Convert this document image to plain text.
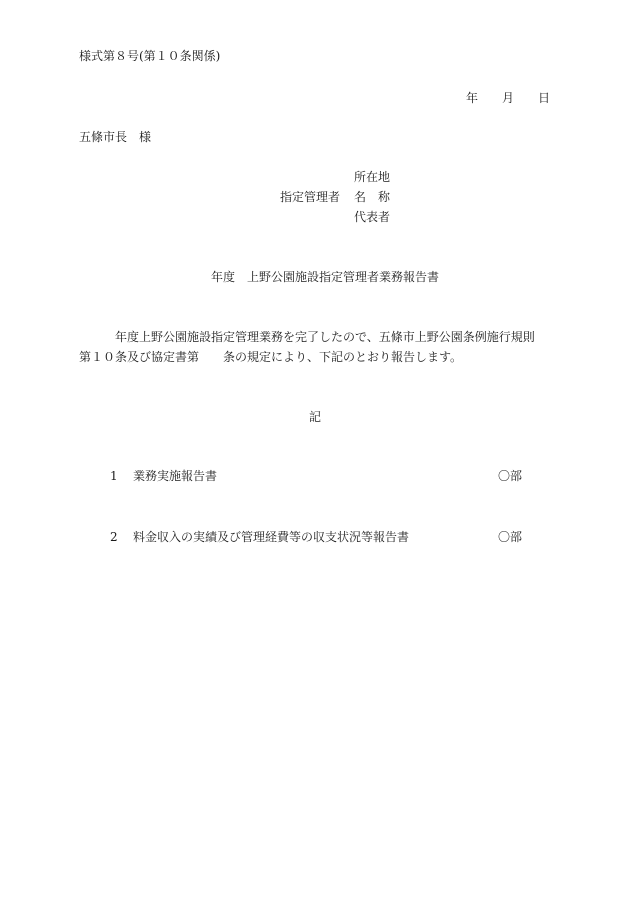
様式第８号(第１０条関係)

年　　月　　日

五條市長　様

所在地

指定管理者

名　称

代表者

年度　上野公園施設指定管理者業務報告書

年度上野公園施設指定管理業務を完了したので、五條市上野公園条例施行規則

第１０条及び協定書第　　条の規定により、下記のとおり報告します。

記

1 業務実施報告書	〇部
2 料金収入の実績及び管理経費等の収支状況等報告書	〇部
